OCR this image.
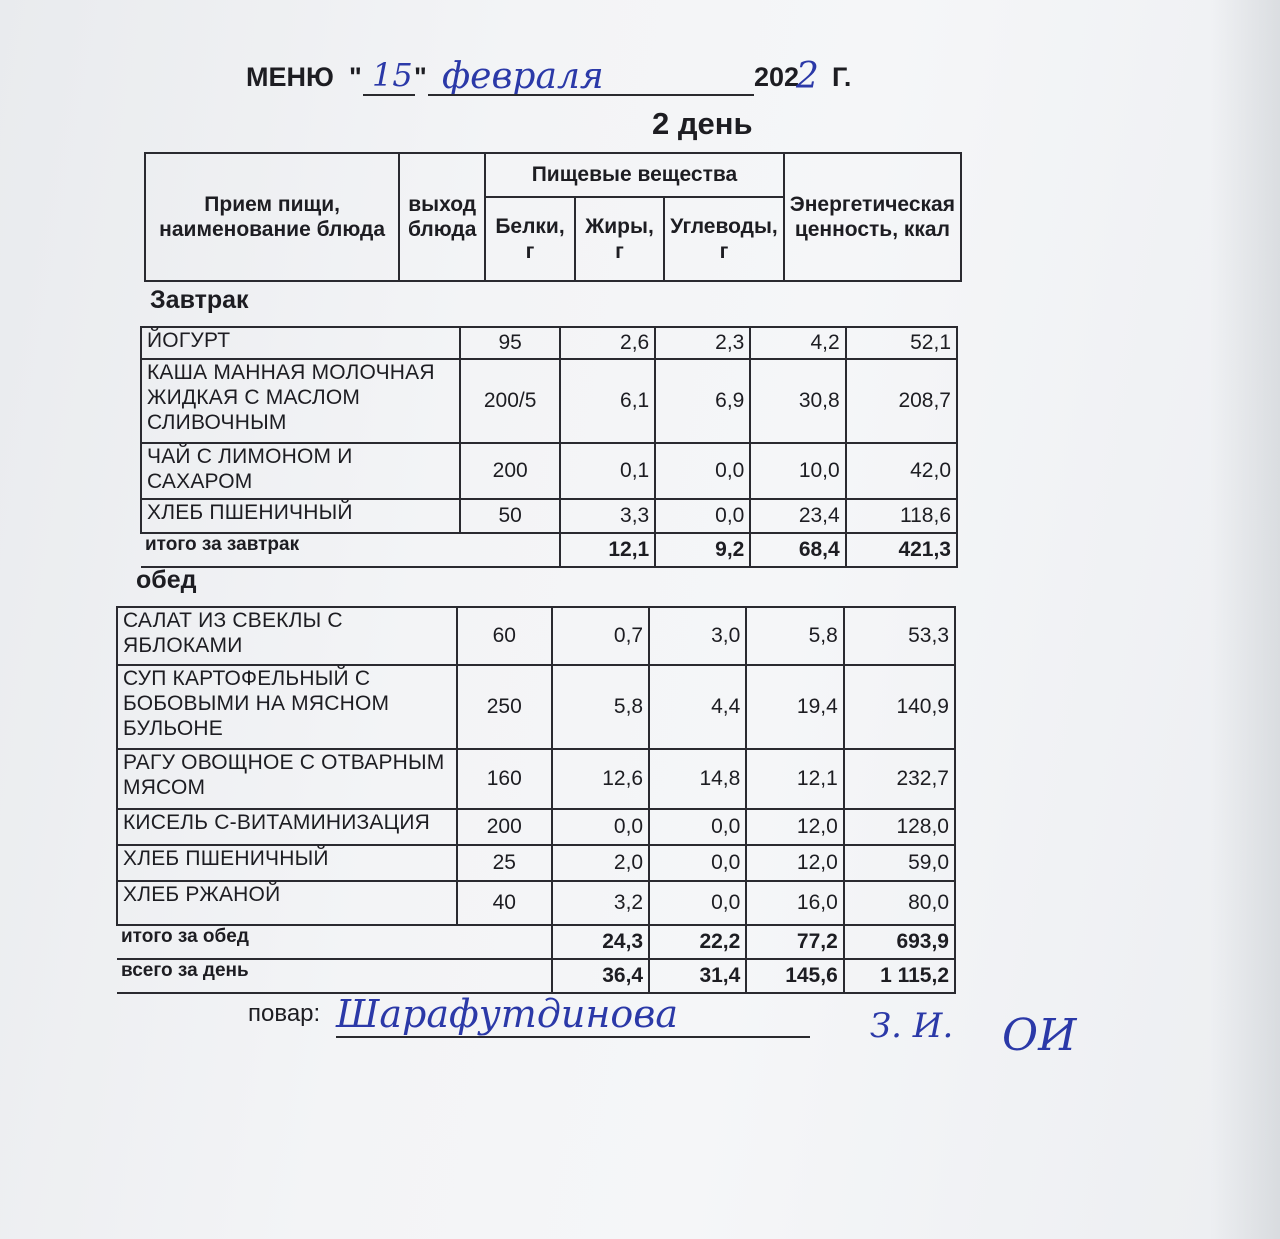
МЕНЮ " 15 " февраля	202
2 Г.
2 день
Прием пищи, наименование блюда	выход блюда	Пищевые вещества			Энергетическая ценность, ккал
		Белки, г	Жиры, г	Углеводы, г	
Завтрак
ЙОГУРТ	95	2,6	2,3	4,2	52,1
КАША МАННАЯ МОЛОЧНАЯ ЖИДКАЯ С МАСЛОМ СЛИВОЧНЫМ	200/5	6,1	6,9	30,8	208,7
ЧАЙ С ЛИМОНОМ И САХАРОМ	200	0,1	0,0	10,0	42,0
ХЛЕБ ПШЕНИЧНЫЙ	50	3,3	0,0	23,4	118,6
итого за завтрак		12,1	9,2	68,4	421,3
обед
САЛАТ ИЗ СВЕКЛЫ С ЯБЛОКАМИ	60	0,7	3,0	5,8	53,3
СУП КАРТОФЕЛЬНЫЙ С БОБОВЫМИ НА МЯСНОМ БУЛЬОНЕ	250	5,8	4,4	19,4	140,9
РАГУ ОВОЩНОЕ С ОТВАРНЫМ МЯСОМ	160	12,6	14,8	12,1	232,7
КИСЕЛЬ С-ВИТАМИНИЗАЦИЯ	200	0,0	0,0	12,0	128,0
ХЛЕБ ПШЕНИЧНЫЙ	25	2,0	0,0	12,0	59,0
ХЛЕБ РЖАНОЙ	40	3,2	0,0	16,0	80,0
итого за обед		24,3	22,2	77,2	693,9
всего за день		36,4	31,4	145,6	1 115,2
повар: Шарафутдинова	З. И. ОИ
